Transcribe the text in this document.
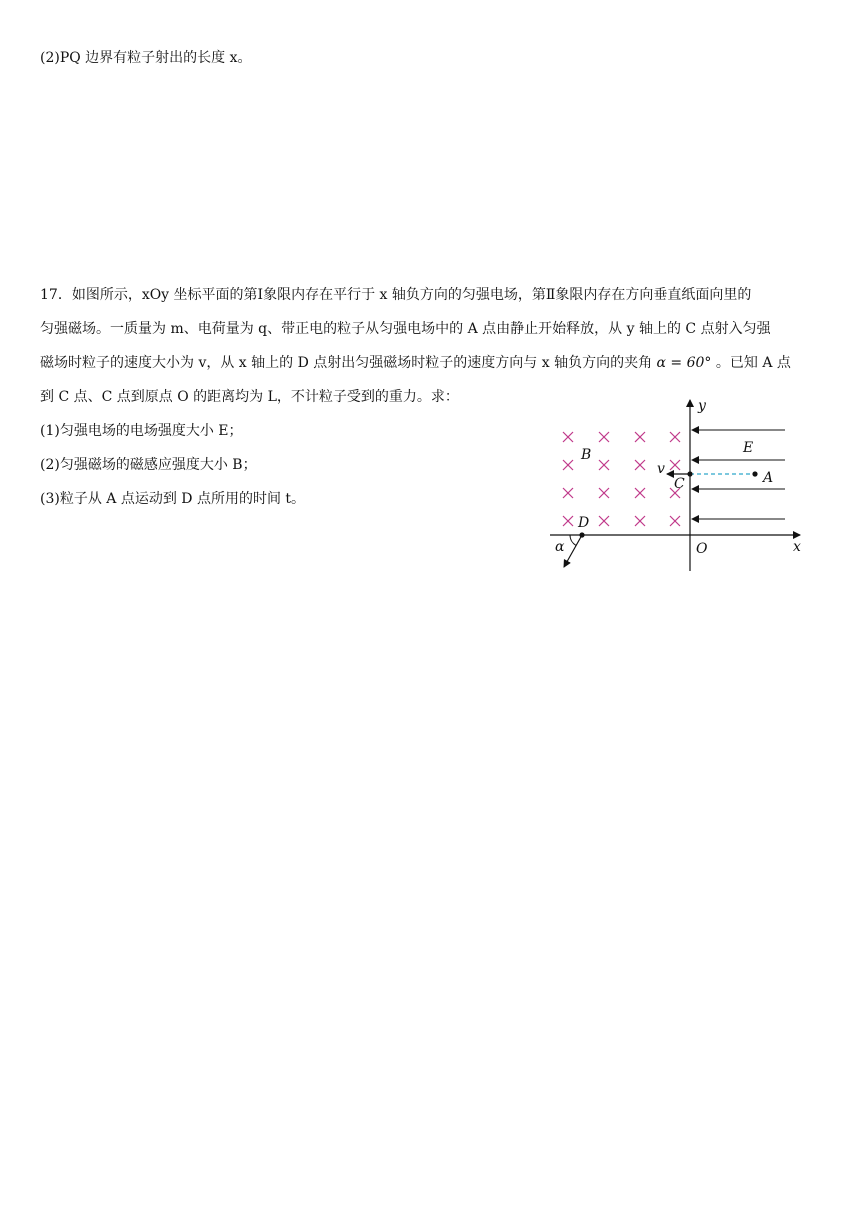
(2)PQ 边界有粒子射出的长度 x。
17．如图所示，xOy 坐标平面的第Ⅰ象限内存在平行于 x 轴负方向的匀强电场，第Ⅱ象限内存在方向垂直纸面向里的
匀强磁场。一质量为 m、电荷量为 q、带正电的粒子从匀强电场中的 A 点由静止开始释放，从 y 轴上的 C 点射入匀强
磁场时粒子的速度大小为 v，从 x 轴上的 D 点射出匀强磁场时粒子的速度方向与 x 轴负方向的夹角 α = 60° 。已知 A 点
到 C 点、C 点到原点 O 的距离均为 L，不计粒子受到的重力。求：
(1)匀强电场的电场强度大小 E；
(2)匀强磁场的磁感应强度大小 B；
(3)粒子从 A 点运动到 D 点所用的时间 t。
y
x
O
E
B
v
C	A
D
α
